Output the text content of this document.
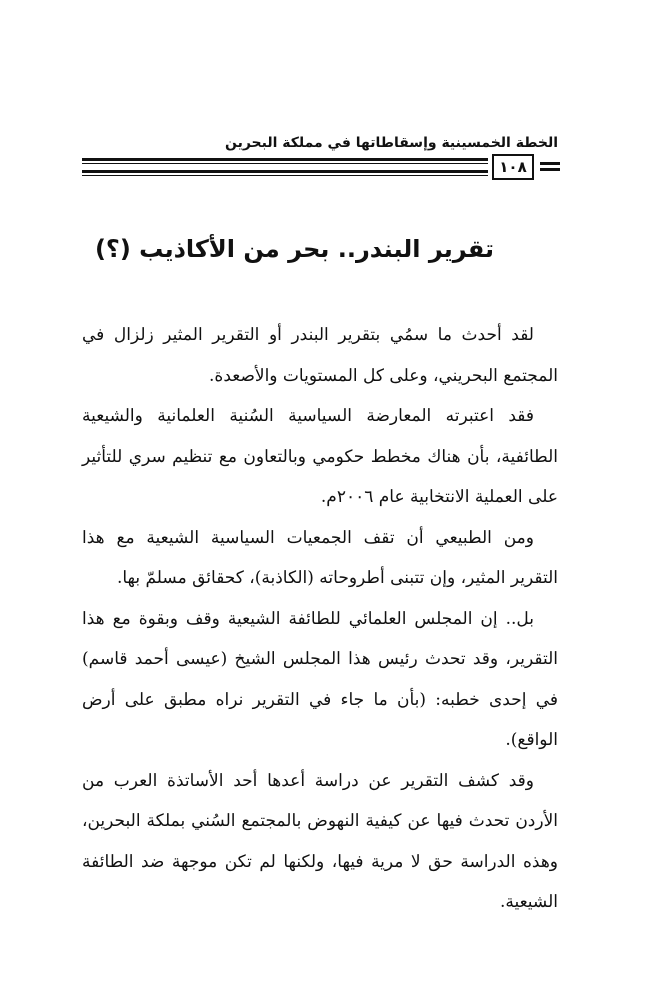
الخطة الخمسينية وإسقاطاتها في مملكة البحرين
١٠٨
تقرير البندر.. بحر من الأكاذيب (؟)

لقد أحدث ما سمُي بتقرير البندر أو التقرير المثير زلزال في المجتمع البحريني، وعلى كل المستويات والأصعدة.

فقد اعتبرته المعارضة السياسية السُنية العلمانية والشيعية الطائفية، بأن هناك مخطط حكومي وبالتعاون مع تنظيم سري للتأثير على العملية الانتخابية عام ٢٠٠٦م.

ومن الطبيعي أن تقف الجمعيات السياسية الشيعية مع هذا التقرير المثير، وإن تتبنى أطروحاته (الكاذبة)، كحقائق مسلمّ بها.

بل.. إن المجلس العلمائي للطائفة الشيعية وقف وبقوة مع هذا التقرير، وقد تحدث رئيس هذا المجلس الشيخ (عيسى أحمد قاسم) في إحدى خطبه: (بأن ما جاء في التقرير نراه مطبق على أرض الواقع).

وقد كشف التقرير عن دراسة أعدها أحد الأساتذة العرب من الأردن تحدث فيها عن كيفية النهوض بالمجتمع السُني بملكة البحرين، وهذه الدراسة حق لا مرية فيها، ولكنها لم تكن موجهة ضد الطائفة الشيعية.
